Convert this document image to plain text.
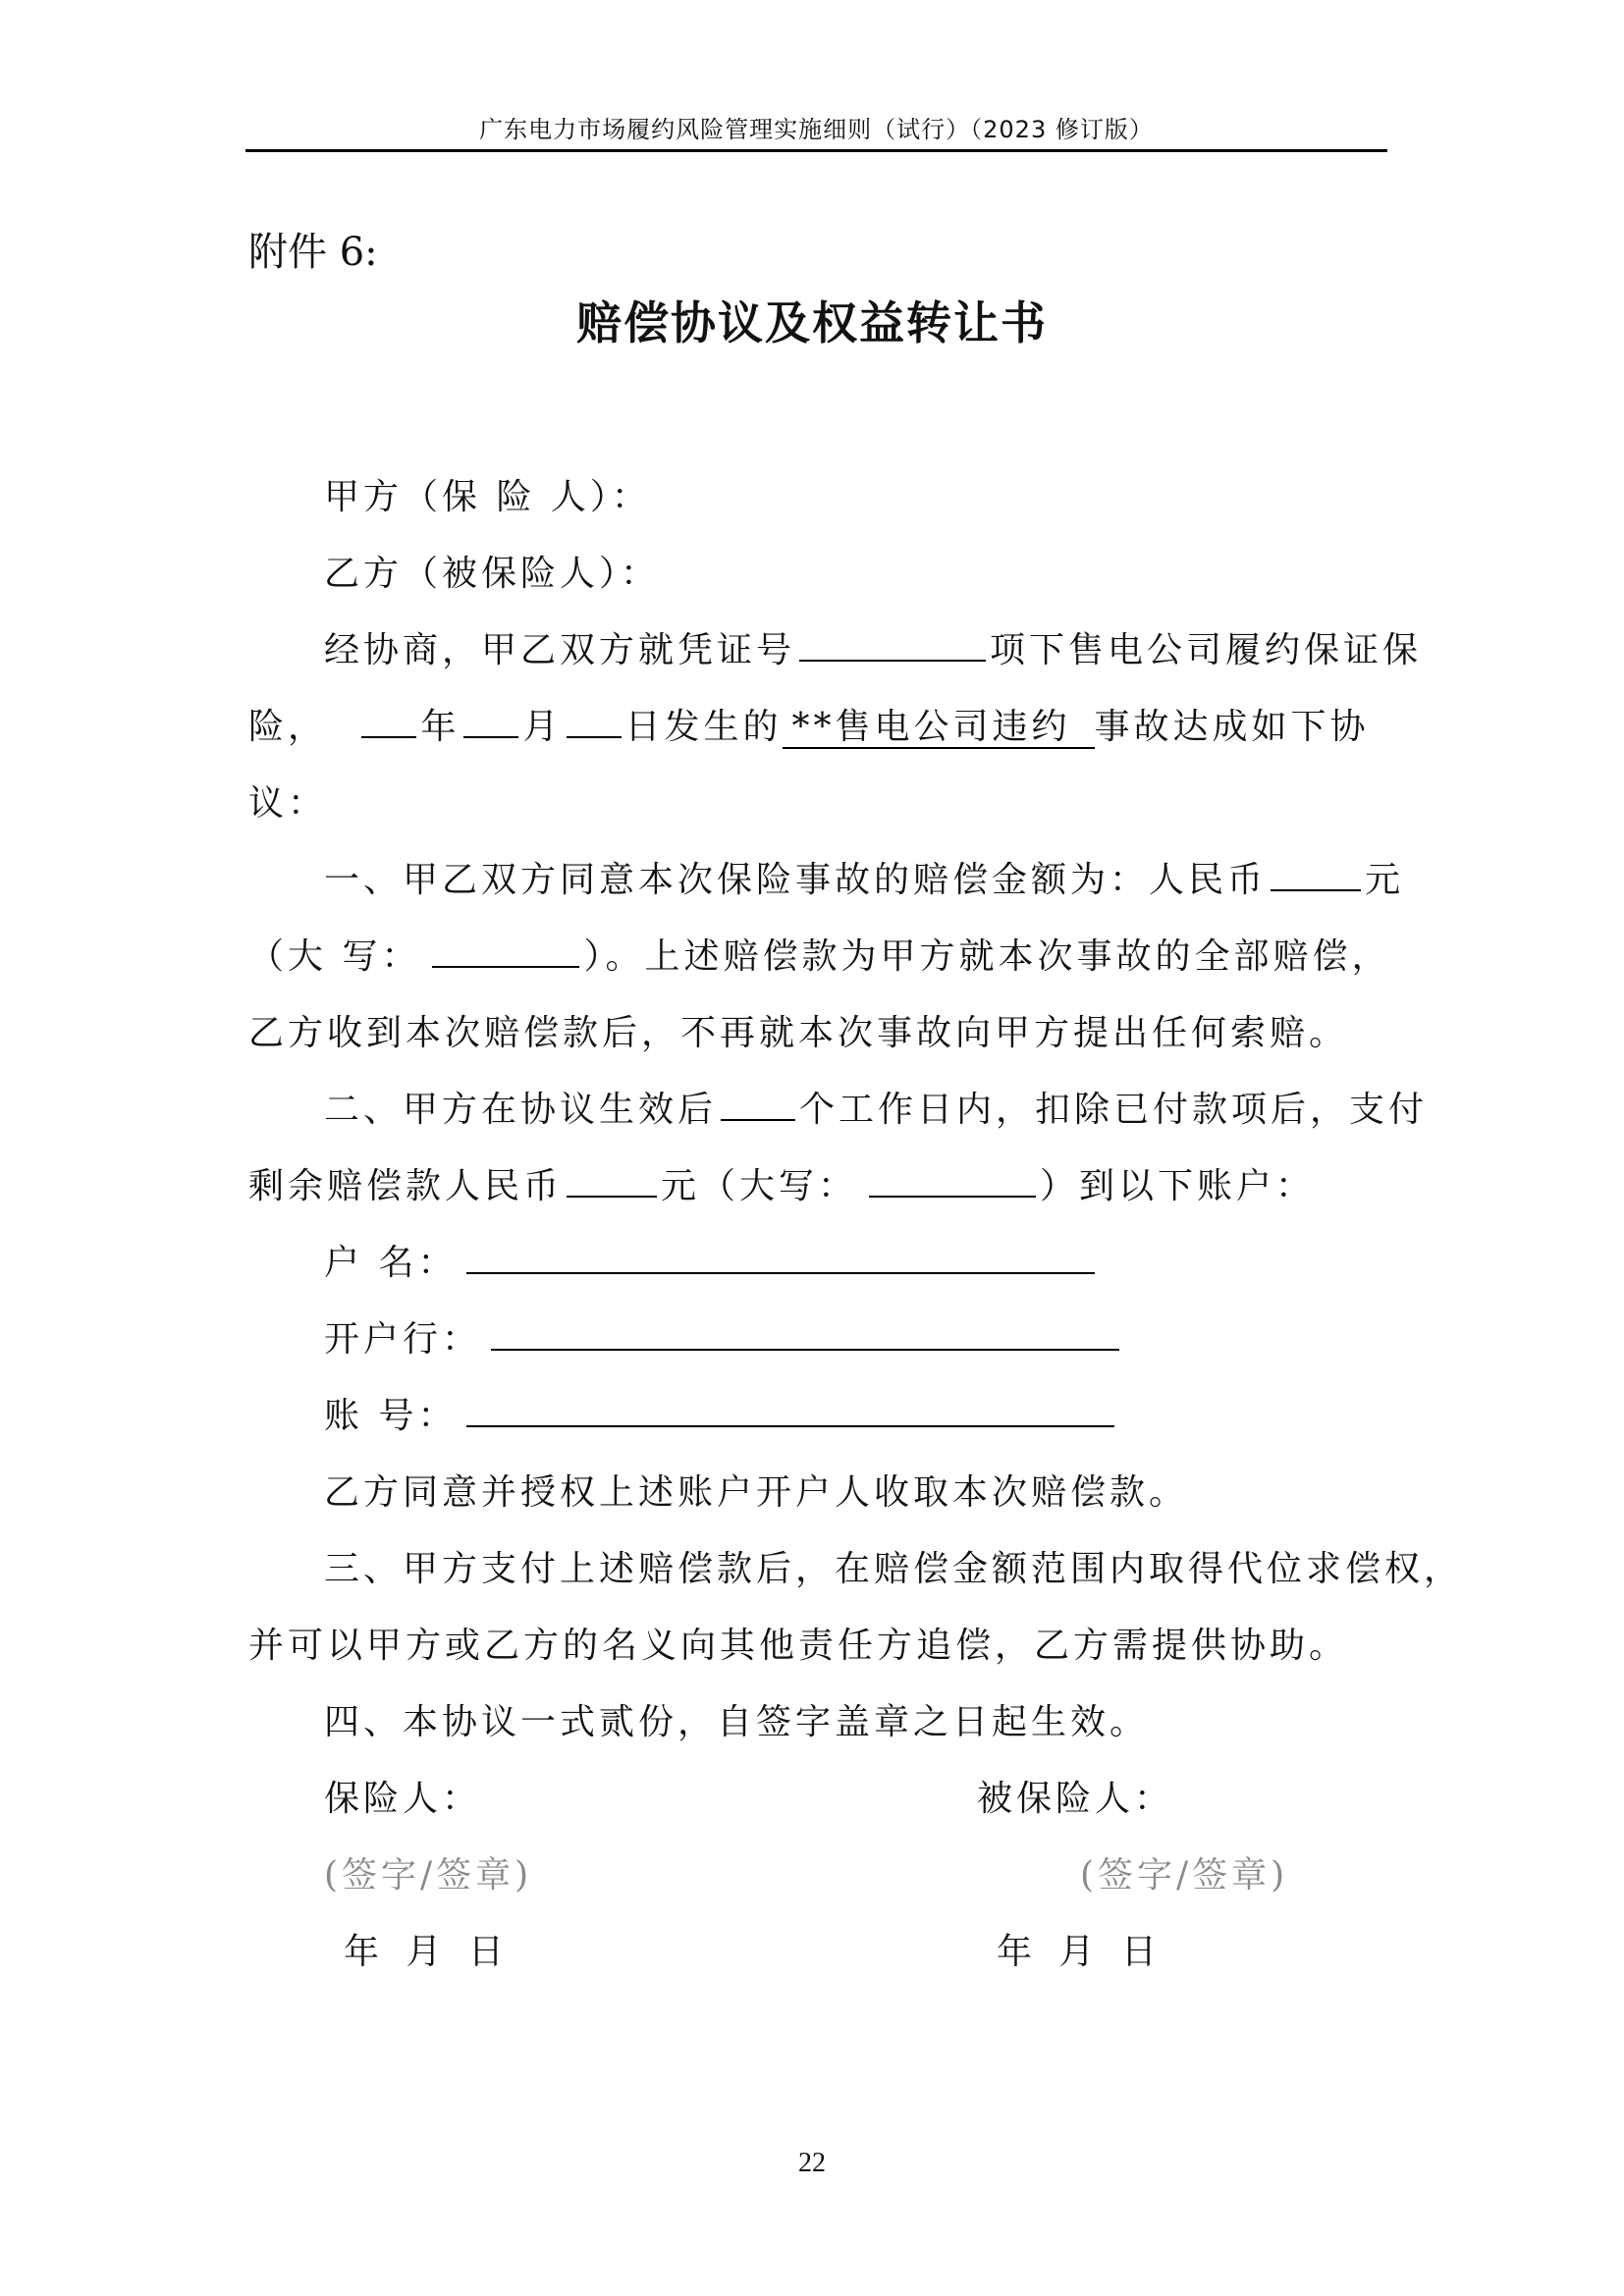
广东电力市场履约风险管理实施细则（试行）（2023 修订版）
附件 6:
赔偿协议及权益转让书
甲方（保 险 人）：
乙方（被保险人）：
经协商，甲乙双方就凭证号	项下售电公司履约保证保
险，	年 月 日发生的 **售电公司违约 事故达成如下协
议：
一、甲乙双方同意本次保险事故的赔偿金额为：人民币	元
（大 写：	）。上述赔偿款为甲方就本次事故的全部赔偿，
乙方收到本次赔偿款后，不再就本次事故向甲方提出任何索赔。
二、甲方在协议生效后 个工作日内，扣除已付款项后，支付
剩余赔偿款人民币	元（大写：	）到以下账户：
户 名：
开户行：
账 号：
乙方同意并授权上述账户开户人收取本次赔偿款。
三、甲方支付上述赔偿款后，在赔偿金额范围内取得代位求偿权，
并可以甲方或乙方的名义向其他责任方追偿，乙方需提供协助。
四、本协议一式贰份，自签字盖章之日起生效。
保险人：	被保险人：
(签字/签章)	(签字/签章)
年 月 日	年 月 日
22
